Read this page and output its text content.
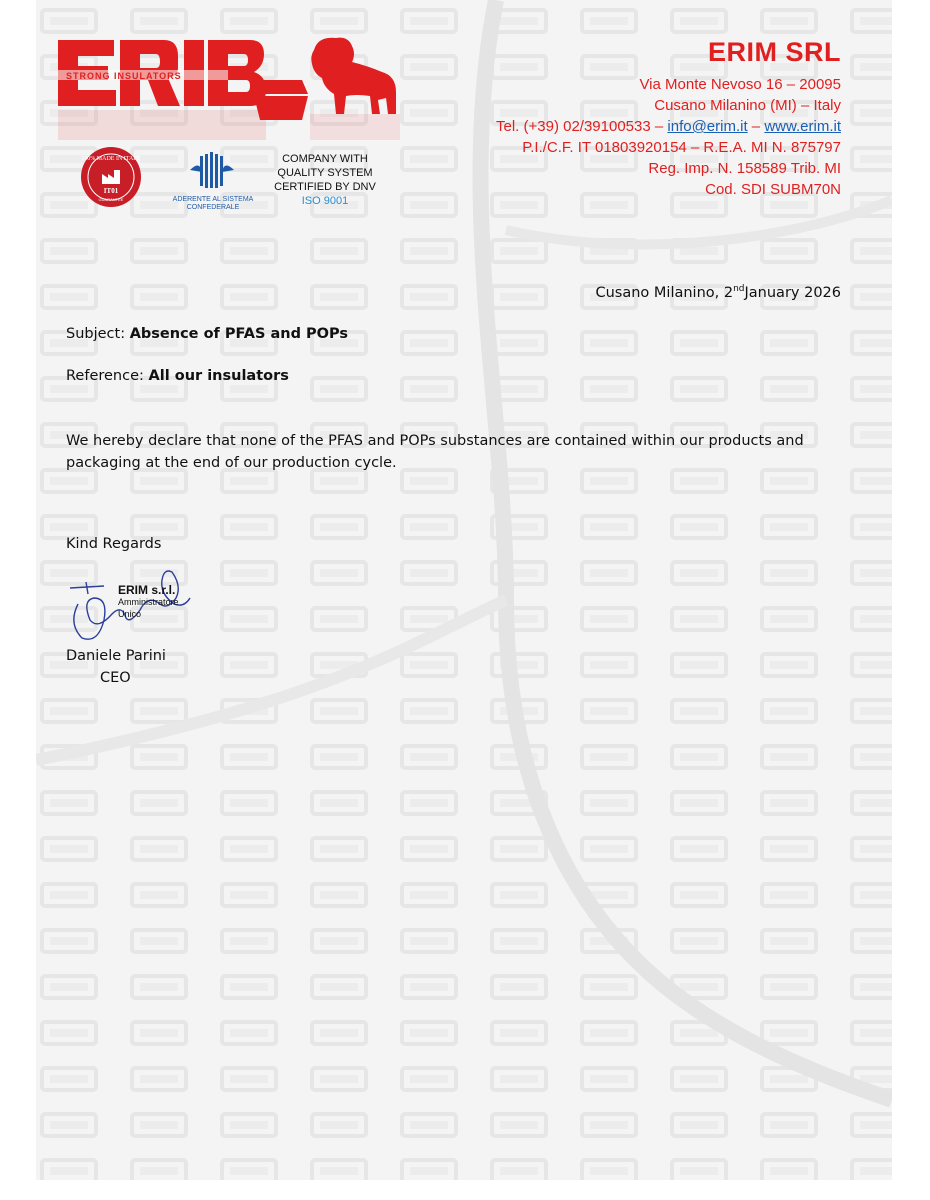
STRONG INSULATORS
100% MADE IN ITALY
IT01
GUARANTEE	ADERENTE AL SISTEMA
CONFEDERALE
COMPANY WITH
QUALITY SYSTEM
CERTIFIED BY DNV
ISO 9001
ERIM SRL
Via Monte Nevoso 16 – 20095
Cusano Milanino (MI) – Italy
Tel. (+39) 02/39100533 – info@erim.it – www.erim.it
P.I./C.F. IT 01803920154 – R.E.A. MI N. 875797
Reg. Imp. N. 158589 Trib. MI
Cod. SDI SUBM70N
Cusano Milanino, 2ndJanuary 2026
Subject: Absence of PFAS and POPs
Reference: All our insulators
We hereby declare that none of the PFAS and POPs substances are contained within our products and packaging at the end of our production cycle.
Kind Regards
ERIM s.r.l.
Amministratore Unico
Daniele Parini
CEO
